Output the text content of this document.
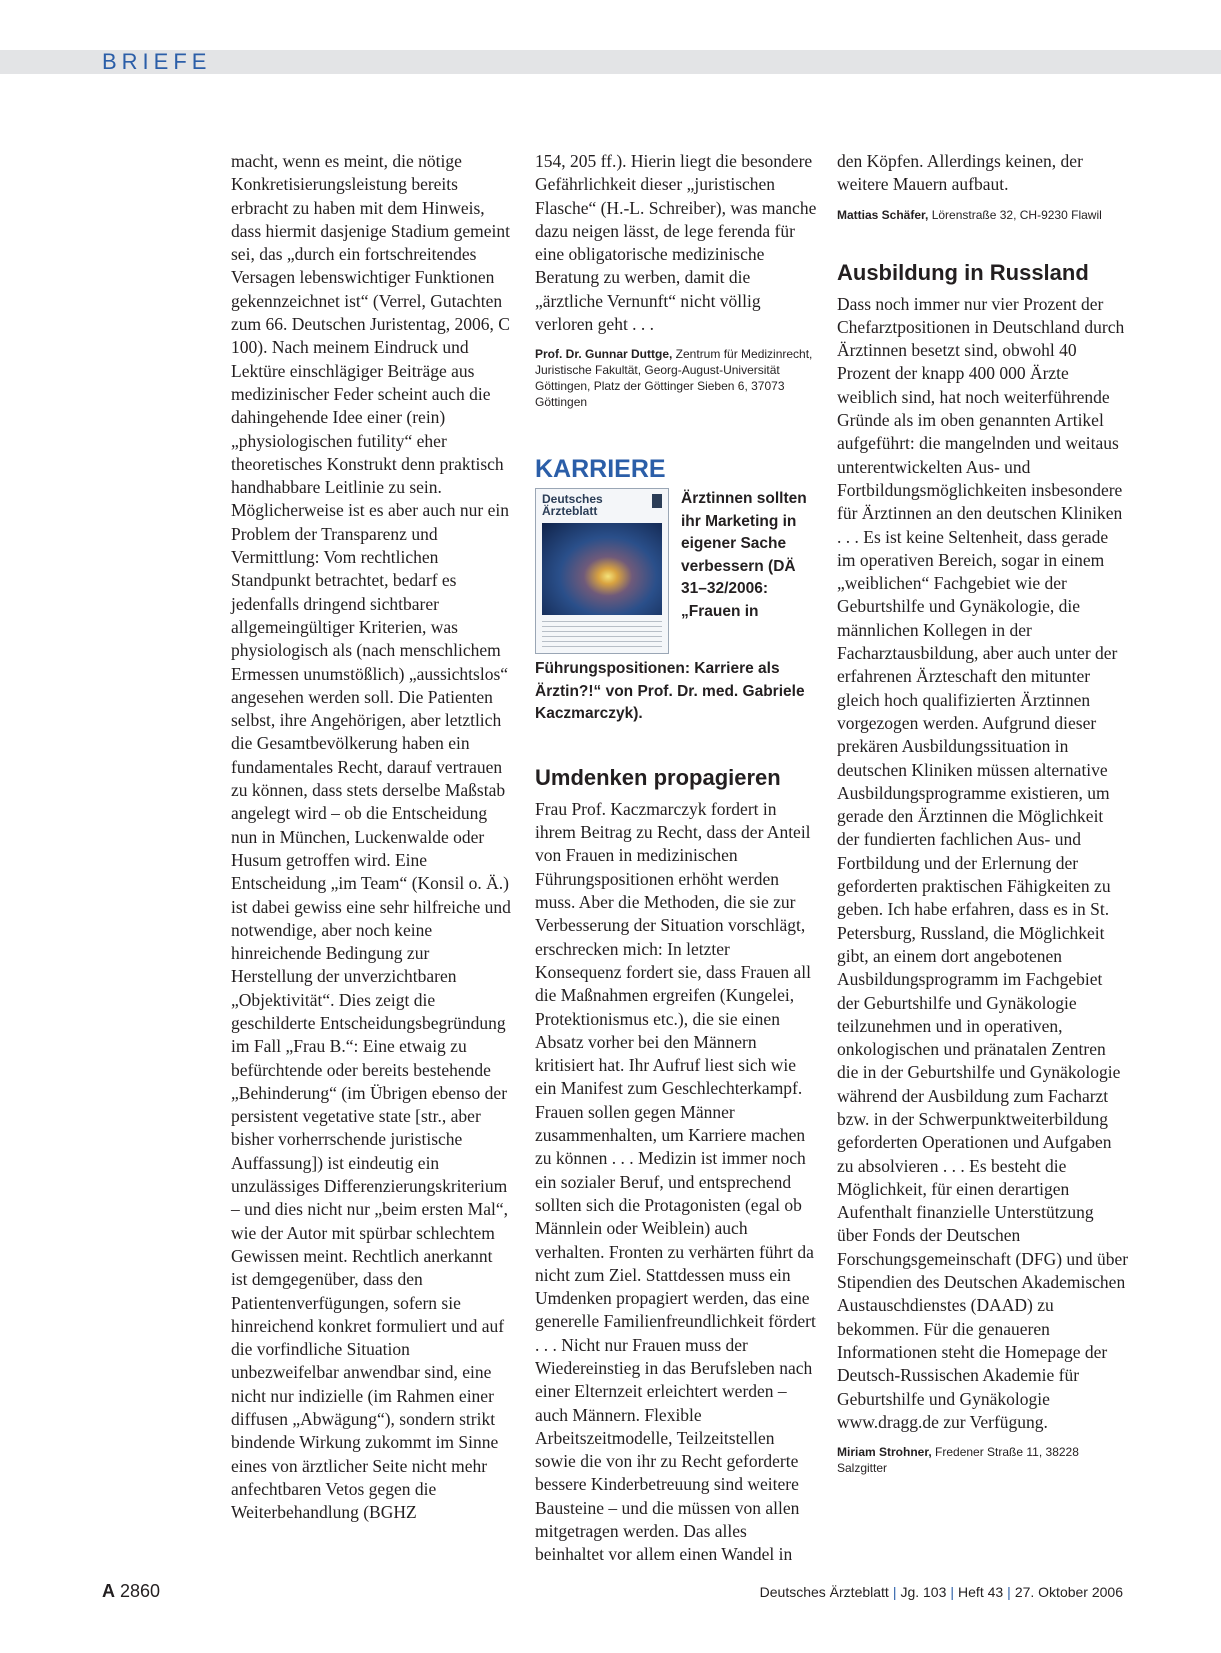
BRIEFE

macht, wenn es meint, die nötige Konkretisierungsleistung bereits erbracht zu haben mit dem Hinweis, dass hiermit dasjenige Stadium gemeint sei, das „durch ein fortschreitendes Versagen lebenswichtiger Funktionen gekennzeichnet ist“ (Verrel, Gutachten zum 66. Deutschen Juristentag, 2006, C 100). Nach meinem Eindruck und Lektüre einschlägiger Beiträge aus medizinischer Feder scheint auch die dahingehende Idee einer (rein) „physiologischen futility“ eher theoretisches Konstrukt denn praktisch handhabbare Leitlinie zu sein. Möglicherweise ist es aber auch nur ein Problem der Transparenz und Vermittlung: Vom rechtlichen Standpunkt betrachtet, bedarf es jedenfalls dringend sichtbarer allgemeingültiger Kriterien, was physiologisch als (nach menschlichem Ermessen unumstößlich) „aussichtslos“ angesehen werden soll. Die Patienten selbst, ihre Angehörigen, aber letztlich die Gesamtbevölkerung haben ein fundamentales Recht, darauf vertrauen zu können, dass stets derselbe Maßstab angelegt wird – ob die Entscheidung nun in München, Luckenwalde oder Husum getroffen wird. Eine Entscheidung „im Team“ (Konsil o. Ä.) ist dabei gewiss eine sehr hilfreiche und notwendige, aber noch keine hinreichende Bedingung zur Herstellung der unverzichtbaren „Objektivität“. Dies zeigt die geschilderte Entscheidungsbegründung im Fall „Frau B.“: Eine etwaig zu befürchtende oder bereits bestehende „Behinderung“ (im Übrigen ebenso der persistent vegetative state [str., aber bisher vorherrschende juristische Auffassung]) ist eindeutig ein unzulässiges Differenzierungskriterium – und dies nicht nur „beim ersten Mal“, wie der Autor mit spürbar schlechtem Gewissen meint. Rechtlich anerkannt ist demgegenüber, dass den Patientenverfügungen, sofern sie hinreichend konkret formuliert und auf die vorfindliche Situation unbezweifelbar anwendbar sind, eine nicht nur indizielle (im Rahmen einer diffusen „Abwägung“), sondern strikt bindende Wirkung zukommt im Sinne eines von ärztlicher Seite nicht mehr anfechtbaren Vetos gegen die Weiterbehandlung (BGHZ

154, 205 ff.). Hierin liegt die besondere Gefährlichkeit dieser „juristischen Flasche“ (H.-L. Schreiber), was manche dazu neigen lässt, de lege ferenda für eine obligatorische medizinische Beratung zu werben, damit die „ärztliche Vernunft“ nicht völlig verloren geht . . .

Prof. Dr. Gunnar Duttge, Zentrum für Medizinrecht, Juristische Fakultät, Georg-August-Universität Göttingen, Platz der Göttinger Sieben 6, 37073 Göttingen

KARRIERE
Deutsches Ärzteblatt

Ärztinnen sollten ihr Marketing in eigener Sache verbessern (DÄ 31–32/2006: „Frauen in Führungspositionen: Karriere als Ärztin?!“ von Prof. Dr. med. Gabriele Kaczmarczyk).

Umdenken propagieren

Frau Prof. Kaczmarczyk fordert in ihrem Beitrag zu Recht, dass der Anteil von Frauen in medizinischen Führungspositionen erhöht werden muss. Aber die Methoden, die sie zur Verbesserung der Situation vorschlägt, erschrecken mich: In letzter Konsequenz fordert sie, dass Frauen all die Maßnahmen ergreifen (Kungelei, Protektionismus etc.), die sie einen Absatz vorher bei den Männern kritisiert hat. Ihr Aufruf liest sich wie ein Manifest zum Geschlechterkampf. Frauen sollen gegen Männer zusammenhalten, um Karriere machen zu können . . . Medizin ist immer noch ein sozialer Beruf, und entsprechend sollten sich die Protagonisten (egal ob Männlein oder Weiblein) auch verhalten. Fronten zu verhärten führt da nicht zum Ziel. Stattdessen muss ein Umdenken propagiert werden, das eine generelle Familienfreundlichkeit fördert . . . Nicht nur Frauen muss der Wiedereinstieg in das Berufsleben nach einer Elternzeit erleichtert werden – auch Männern. Flexible Arbeitszeitmodelle, Teilzeitstellen sowie die von ihr zu Recht geforderte bessere Kinderbetreuung sind weitere Bausteine – und die müssen von allen mitgetragen werden. Das alles beinhaltet vor allem einen Wandel in

den Köpfen. Allerdings keinen, der weitere Mauern aufbaut.

Mattias Schäfer, Lörenstraße 32, CH-9230 Flawil

Ausbildung in Russland

Dass noch immer nur vier Prozent der Chefarztpositionen in Deutschland durch Ärztinnen besetzt sind, obwohl 40 Prozent der knapp 400 000 Ärzte weiblich sind, hat noch weiterführende Gründe als im oben genannten Artikel aufgeführt: die mangelnden und weitaus unterentwickelten Aus- und Fortbildungsmöglichkeiten insbesondere für Ärztinnen an den deutschen Kliniken . . . Es ist keine Seltenheit, dass gerade im operativen Bereich, sogar in einem „weiblichen“ Fachgebiet wie der Geburtshilfe und Gynäkologie, die männlichen Kollegen in der Facharztausbildung, aber auch unter der erfahrenen Ärzteschaft den mitunter gleich hoch qualifizierten Ärztinnen vorgezogen werden. Aufgrund dieser prekären Ausbildungssituation in deutschen Kliniken müssen alternative Ausbildungsprogramme existieren, um gerade den Ärztinnen die Möglichkeit der fundierten fachlichen Aus- und Fortbildung und der Erlernung der geforderten praktischen Fähigkeiten zu geben. Ich habe erfahren, dass es in St. Petersburg, Russland, die Möglichkeit gibt, an einem dort angebotenen Ausbildungsprogramm im Fachgebiet der Geburtshilfe und Gynäkologie teilzunehmen und in operativen, onkologischen und pränatalen Zentren die in der Geburtshilfe und Gynäkologie während der Ausbildung zum Facharzt bzw. in der Schwerpunktweiterbildung geforderten Operationen und Aufgaben zu absolvieren . . . Es besteht die Möglichkeit, für einen derartigen Aufenthalt finanzielle Unterstützung über Fonds der Deutschen Forschungsgemeinschaft (DFG) und über Stipendien des Deutschen Akademischen Austauschdienstes (DAAD) zu bekommen. Für die genaueren Informationen steht die Homepage der Deutsch-Russischen Akademie für Geburtshilfe und Gynäkologie www.dragg.de zur Verfügung.

Miriam Strohner, Fredener Straße 11, 38228 Salzgitter

A 2860	Deutsches Ärzteblatt | Jg. 103 | Heft 43 | 27. Oktober 2006
